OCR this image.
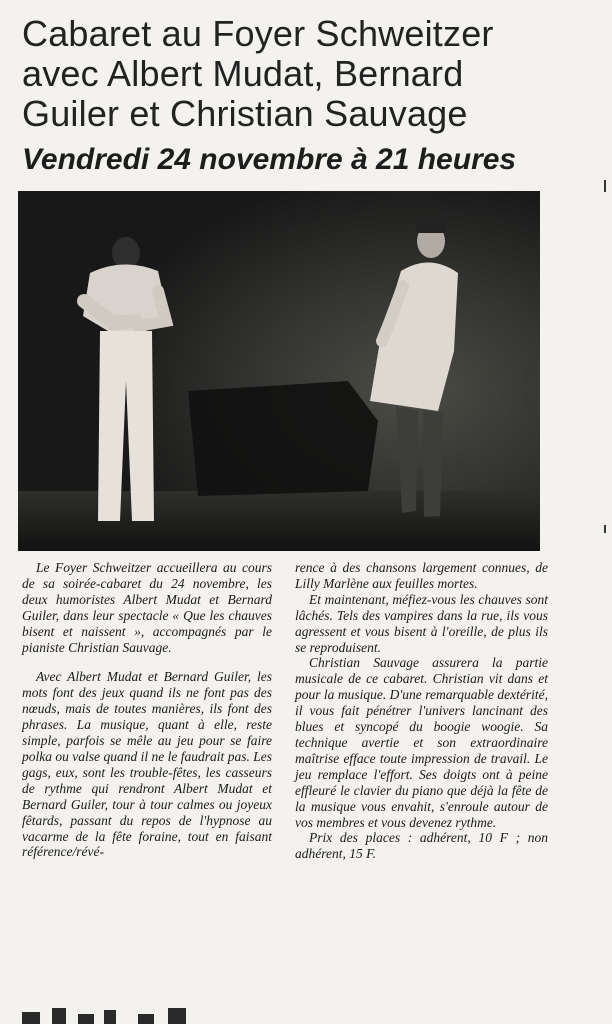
Cabaret au Foyer Schweitzer
avec Albert Mudat, Bernard
Guiler et Christian Sauvage
Vendredi 24 novembre à 21 heures

Le Foyer Schweitzer accueillera au cours de sa soirée-cabaret du 24 novembre, les deux humoristes Albert Mudat et Bernard Guiler, dans leur spectacle « Que les chauves bisent et naissent », accompagnés par le pianiste Christian Sauvage.

Avec Albert Mudat et Bernard Guiler, les mots font des jeux quand ils ne font pas des nœuds, mais de toutes manières, ils font des phrases. La musique, quant à elle, reste simple, parfois se mêle au jeu pour se faire polka ou valse quand il ne le faudrait pas. Les gags, eux, sont les trouble-fêtes, les casseurs de rythme qui rendront Albert Mudat et Bernard Guiler, tour à tour calmes ou joyeux fêtards, passant du repos de l'hypnose au vacarme de la fête foraine, tout en faisant référence/révé-

rence à des chansons largement connues, de Lilly Marlène aux feuilles mortes.

Et maintenant, méfiez-vous les chauves sont lâchés. Tels des vampires dans la rue, ils vous agressent et vous bisent à l'oreille, de plus ils se reproduisent.

Christian Sauvage assurera la partie musicale de ce cabaret. Christian vit dans et pour la musique. D'une remarquable dextérité, il vous fait pénétrer l'univers lancinant des blues et syncopé du boogie woogie. Sa technique avertie et son extraordinaire maîtrise efface toute impression de travail. Le jeu remplace l'effort. Ses doigts ont à peine effleuré le clavier du piano que déjà la fête de la musique vous envahit, s'enroule autour de vos membres et vous devenez rythme.

Prix des places : adhérent, 10 F ; non adhérent, 15 F.
